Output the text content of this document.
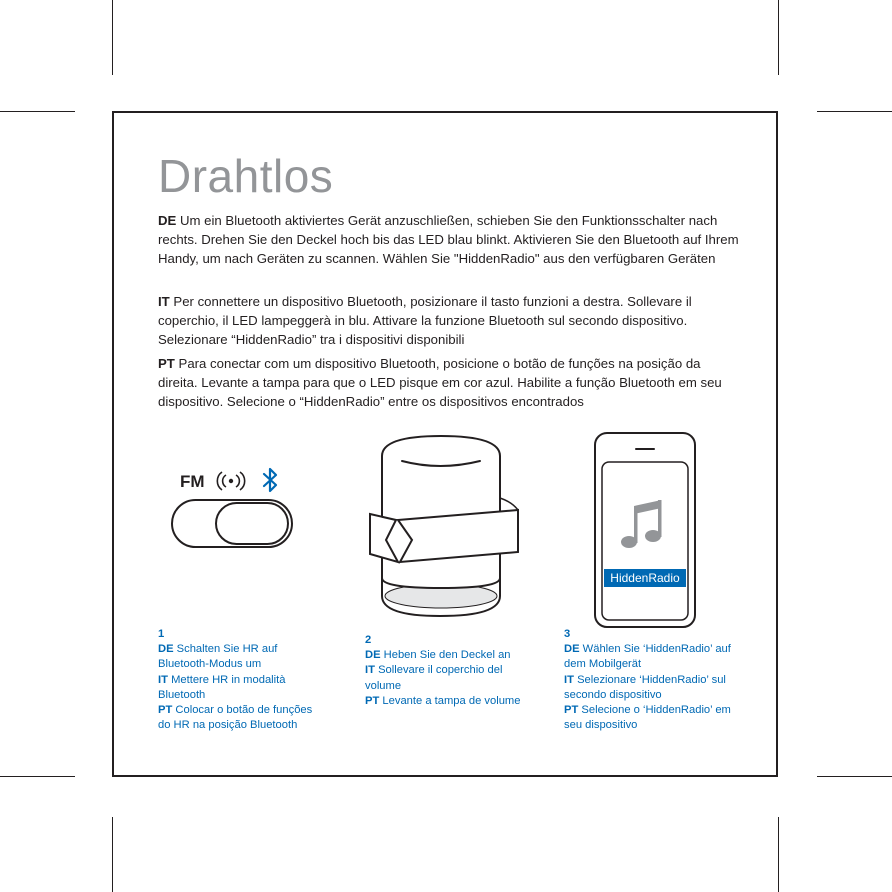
Drahtlos

DE Um ein Bluetooth aktiviertes Gerät anzuschließen, schieben Sie den Funktionsschalter nach rechts. Drehen Sie den Deckel hoch bis das LED blau blinkt. Aktivieren Sie den Bluetooth auf Ihrem Handy, um nach Geräten zu scannen. Wählen Sie "HiddenRadio" aus den verfügbaren Geräten

IT Per connettere un dispositivo Bluetooth, posizionare il tasto funzioni a destra. Sollevare il coperchio, il LED lampeggerà in blu. Attivare la funzione Bluetooth sul secondo dispositivo. Selezionare “HiddenRadio” tra i dispositivi disponibili

PT Para conectar com um dispositivo Bluetooth, posicione o botão de funções na posição da direita. Levante a tampa para que o LED pisque em cor azul. Habilite a função Bluetooth em seu dispositivo. Selecione o “HiddenRadio” entre os dispositivos encontrados

FM
HiddenRadio
1
DE Schalten Sie HR auf Bluetooth-Modus um
IT Mettere HR in modalità Bluetooth
PT Colocar o botão de funções do HR na posição Bluetooth
2
DE Heben Sie den Deckel an
IT Sollevare il coperchio del volume
PT Levante a tampa de volume
3
DE Wählen Sie ‘HiddenRadio’ auf dem Mobilgerät
IT Selezionare ‘HiddenRadio’ sul secondo dispositivo
PT Selecione o ‘HiddenRadio’ em seu dispositivo
